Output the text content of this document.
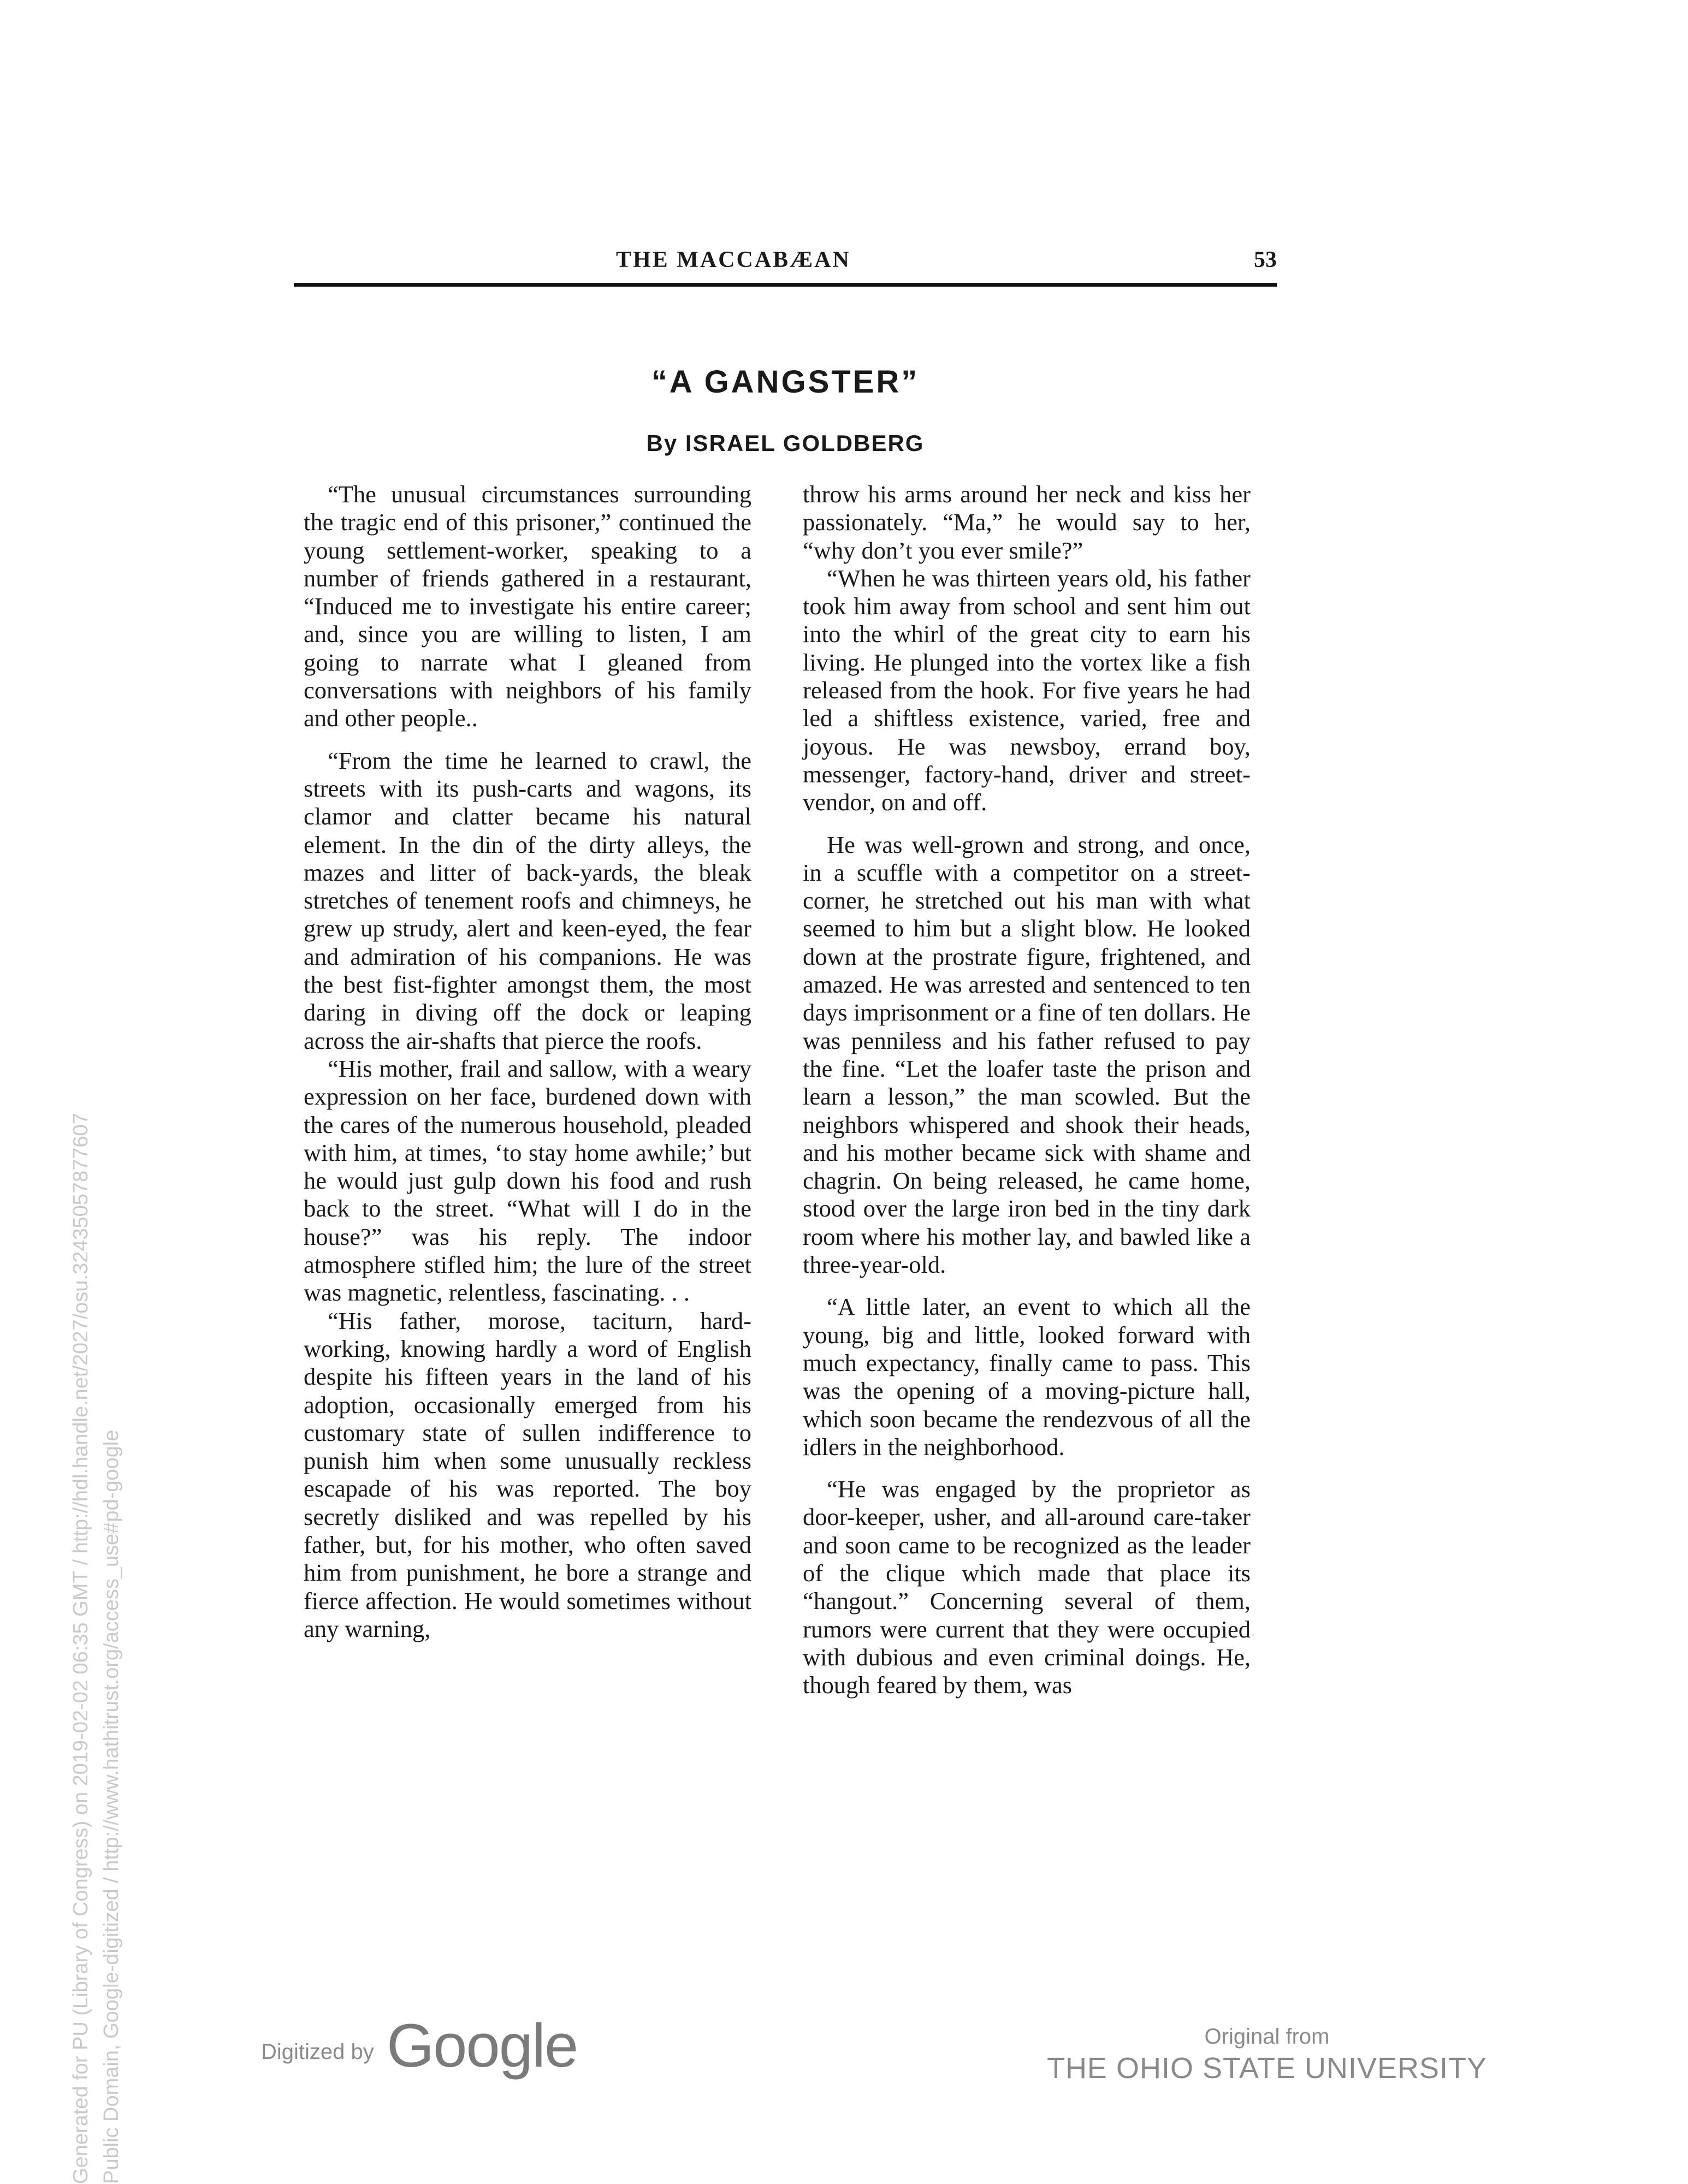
Generated for PU (Library of Congress) on 2019-02-02 06:35 GMT / http://hdl.handle.net/2027/osu.32435057877607 Public Domain, Google-digitized / http://www.hathitrust.org/access_use#pd-google
THE MACCABÆAN	53
“A GANGSTER”
By ISRAEL GOLDBERG

“The unusual circumstances surrounding the tragic end of this prisoner,” continued the young settlement-worker, speaking to a number of friends gathered in a restaurant, “Induced me to investigate his entire career; and, since you are willing to listen, I am going to narrate what I gleaned from conversations with neighbors of his family and other people..

“From the time he learned to crawl, the streets with its push-carts and wagons, its clamor and clatter became his natural element. In the din of the dirty alleys, the mazes and litter of back-yards, the bleak stretches of tenement roofs and chimneys, he grew up strudy, alert and keen-eyed, the fear and admiration of his companions. He was the best fist-fighter amongst them, the most daring in diving off the dock or leaping across the air-shafts that pierce the roofs.

“His mother, frail and sallow, with a weary expression on her face, burdened down with the cares of the numerous household, pleaded with him, at times, ‘to stay home awhile;’ but he would just gulp down his food and rush back to the street. “What will I do in the house?” was his reply. The indoor atmosphere stifled him; the lure of the street was magnetic, relentless, fascinating. . .

“His father, morose, taciturn, hard-working, knowing hardly a word of English despite his fifteen years in the land of his adoption, occasionally emerged from his customary state of sullen indifference to punish him when some unusually reckless escapade of his was reported. The boy secretly disliked and was repelled by his father, but, for his mother, who often saved him from punishment, he bore a strange and fierce affection. He would sometimes without any warning,

throw his arms around her neck and kiss her passionately. “Ma,” he would say to her, “why don’t you ever smile?”

“When he was thirteen years old, his father took him away from school and sent him out into the whirl of the great city to earn his living. He plunged into the vortex like a fish released from the hook. For five years he had led a shiftless existence, varied, free and joyous. He was newsboy, errand boy, messenger, factory-hand, driver and street-vendor, on and off.

He was well-grown and strong, and once, in a scuffle with a competitor on a street-corner, he stretched out his man with what seemed to him but a slight blow. He looked down at the prostrate figure, frightened, and amazed. He was arrested and sentenced to ten days imprisonment or a fine of ten dollars. He was penniless and his father refused to pay the fine. “Let the loafer taste the prison and learn a lesson,” the man scowled. But the neighbors whispered and shook their heads, and his mother became sick with shame and chagrin. On being released, he came home, stood over the large iron bed in the tiny dark room where his mother lay, and bawled like a three-year-old.

“A little later, an event to which all the young, big and little, looked forward with much expectancy, finally came to pass. This was the opening of a moving-picture hall, which soon became the rendezvous of all the idlers in the neighborhood.

“He was engaged by the proprietor as door-keeper, usher, and all-around care-taker and soon came to be recognized as the leader of the clique which made that place its “hangout.” Concerning several of them, rumors were current that they were occupied with dubious and even criminal doings. He, though feared by them, was

Digitized by Google	Original from
THE OHIO STATE UNIVERSITY
